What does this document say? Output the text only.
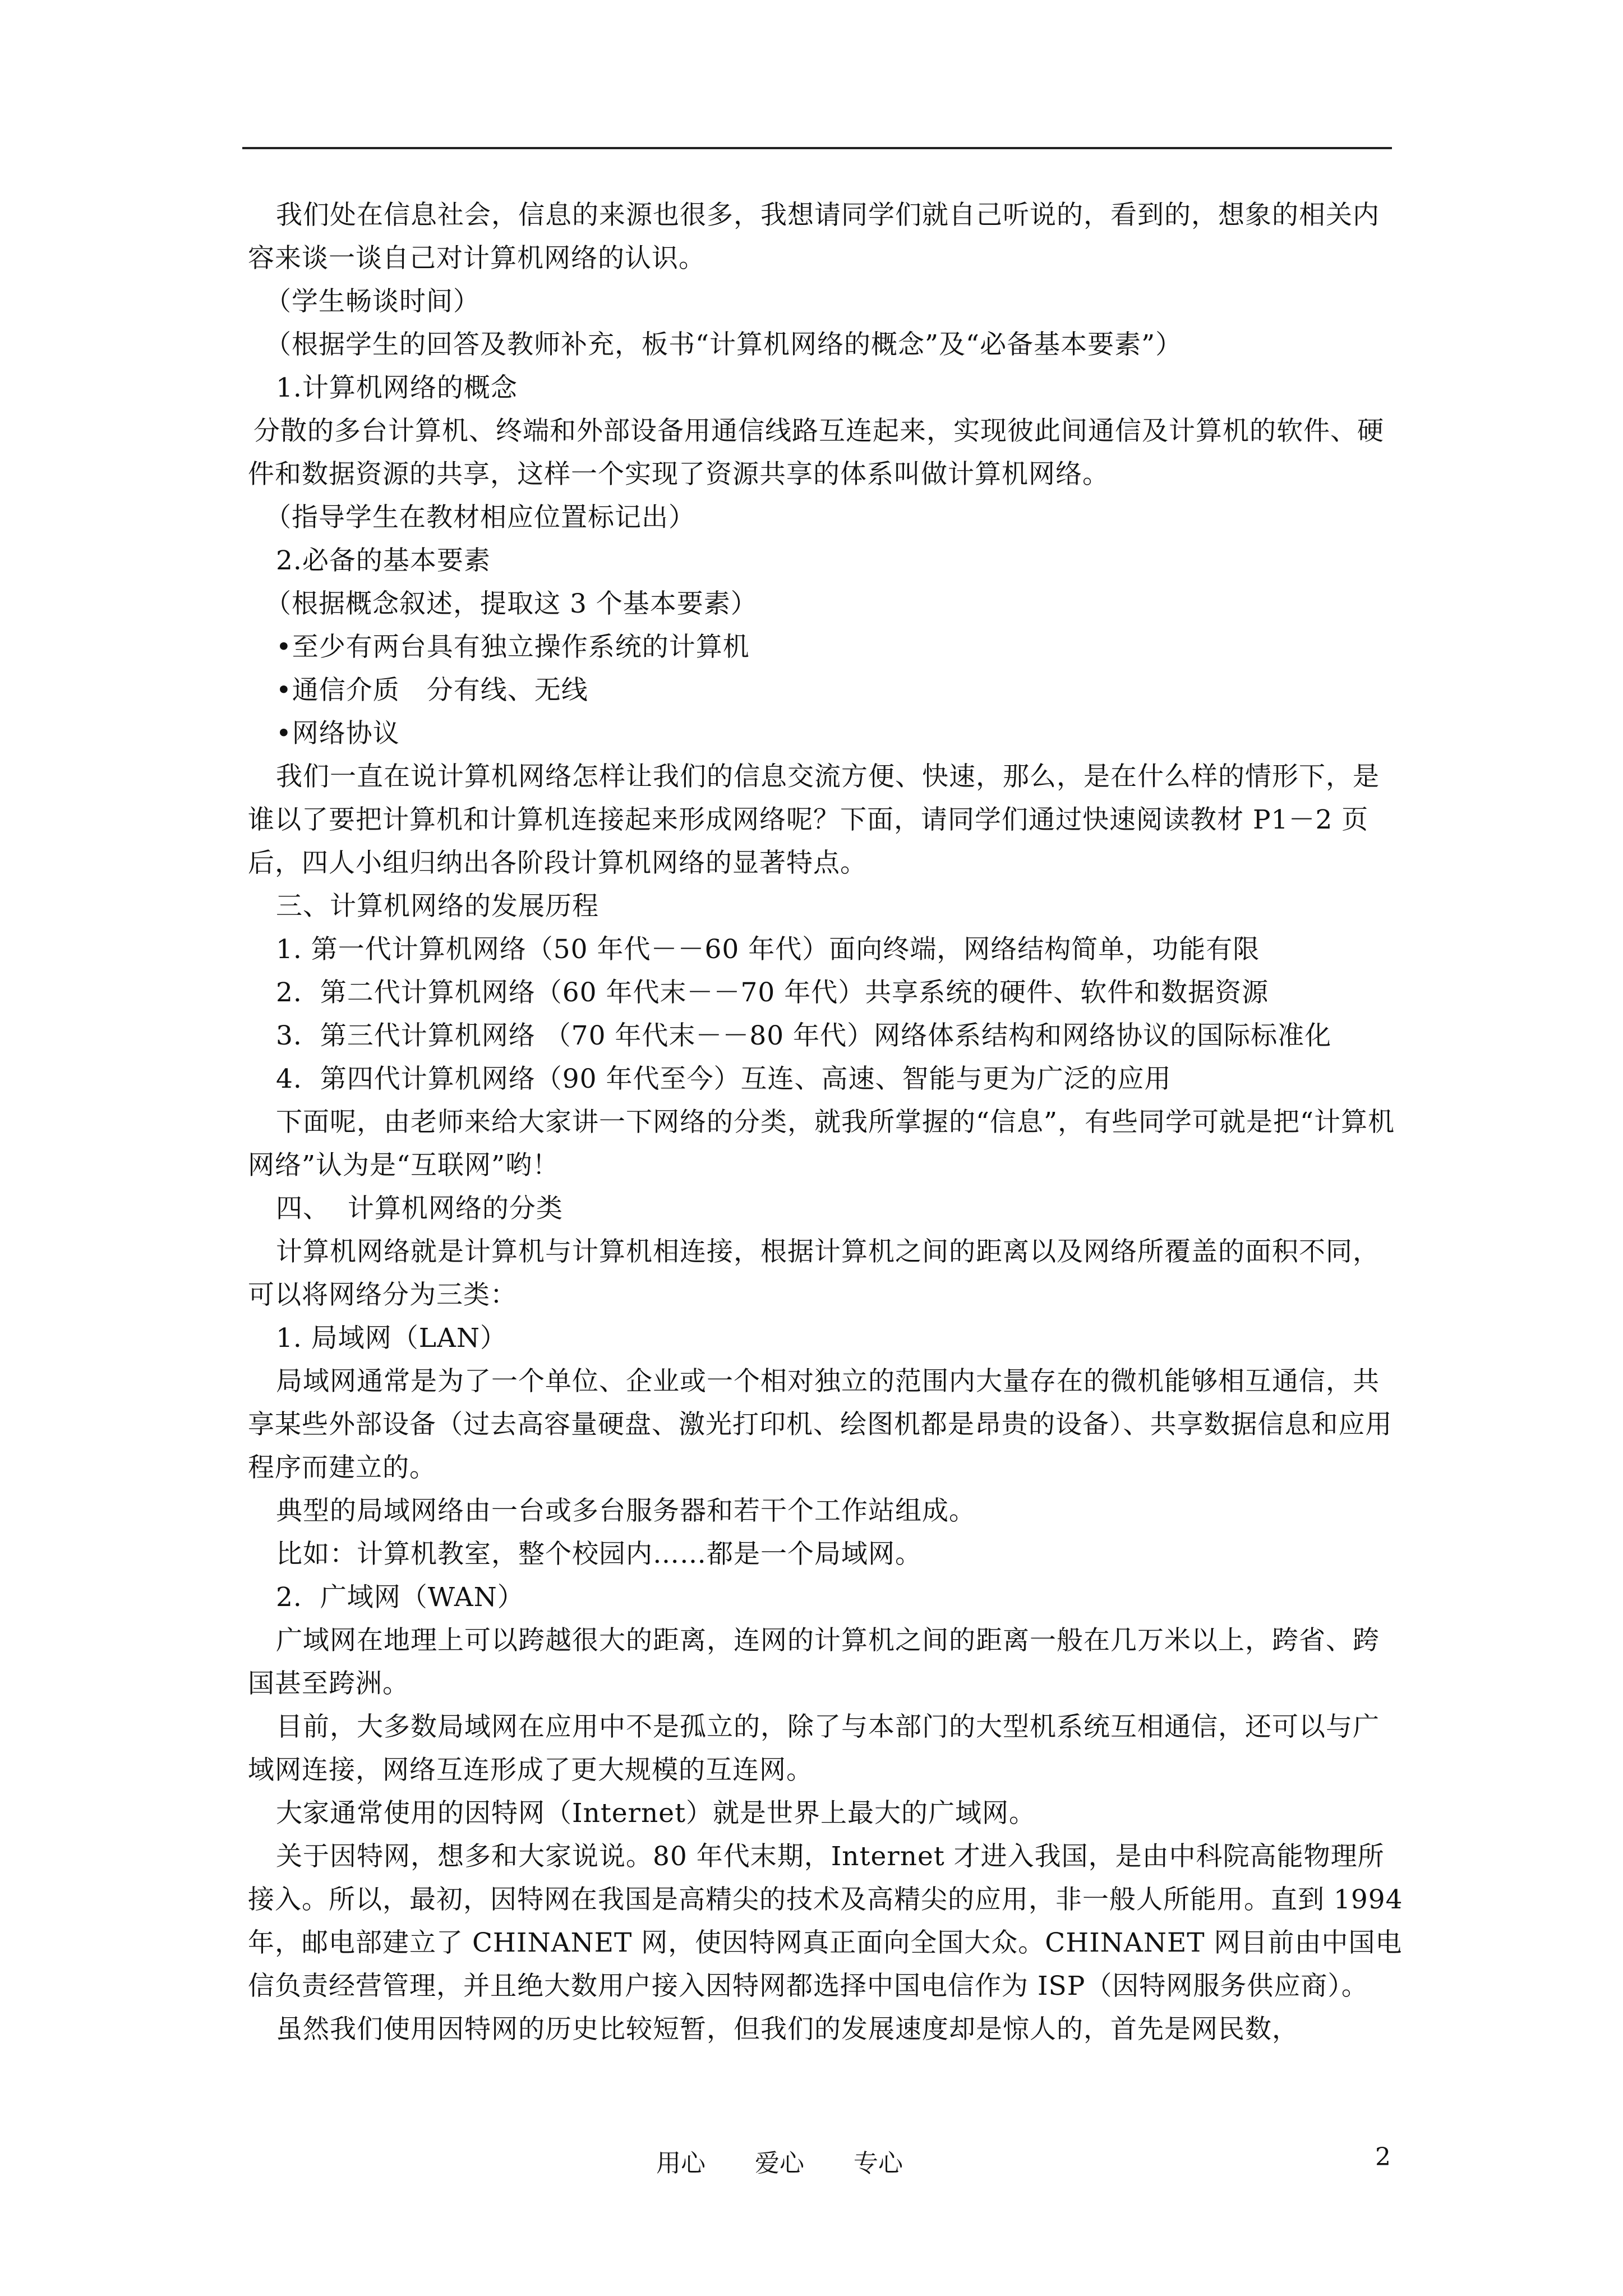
我们处在信息社会，信息的来源也很多，我想请同学们就自己听说的，看到的，想象的相关内容来谈一谈自己对计算机网络的认识。

（学生畅谈时间）

（根据学生的回答及教师补充，板书“计算机网络的概念”及“必备基本要素”）

1.计算机网络的概念

分散的多台计算机、终端和外部设备用通信线路互连起来，实现彼此间通信及计算机的软件、硬件和数据资源的共享，这样一个实现了资源共享的体系叫做计算机网络。

（指导学生在教材相应位置标记出）

2.必备的基本要素

（根据概念叙述，提取这 3 个基本要素）

•至少有两台具有独立操作系统的计算机

•通信介质　分有线、无线

•网络协议

我们一直在说计算机网络怎样让我们的信息交流方便、快速，那么，是在什么样的情形下，是谁以了要把计算机和计算机连接起来形成网络呢？下面，请同学们通过快速阅读教材 P1－2 页后，四人小组归纳出各阶段计算机网络的显著特点。

三、计算机网络的发展历程

1. 第一代计算机网络（50 年代－－60 年代）面向终端，网络结构简单，功能有限

2.  第二代计算机网络（60 年代末－－70 年代）共享系统的硬件、软件和数据资源

3.  第三代计算机网络 （70 年代末－－80 年代）网络体系结构和网络协议的国际标准化

4.  第四代计算机网络（90 年代至今）互连、高速、智能与更为广泛的应用

下面呢，由老师来给大家讲一下网络的分类，就我所掌握的“信息”，有些同学可就是把“计算机网络”认为是“互联网”哟！

四、  计算机网络的分类

计算机网络就是计算机与计算机相连接，根据计算机之间的距离以及网络所覆盖的面积不同，可以将网络分为三类：

1. 局域网（LAN）

局域网通常是为了一个单位、企业或一个相对独立的范围内大量存在的微机能够相互通信，共享某些外部设备（过去高容量硬盘、激光打印机、绘图机都是昂贵的设备）、共享数据信息和应用程序而建立的。

典型的局域网络由一台或多台服务器和若干个工作站组成。

比如：计算机教室，整个校园内……都是一个局域网。

2.  广域网（WAN）

广域网在地理上可以跨越很大的距离，连网的计算机之间的距离一般在几万米以上，跨省、跨国甚至跨洲。

目前，大多数局域网在应用中不是孤立的，除了与本部门的大型机系统互相通信，还可以与广域网连接，网络互连形成了更大规模的互连网。

大家通常使用的因特网（Internet）就是世界上最大的广域网。

关于因特网，想多和大家说说。80 年代末期，Internet 才进入我国，是由中科院高能物理所接入。所以，最初，因特网在我国是高精尖的技术及高精尖的应用，非一般人所能用。直到 1994 年，邮电部建立了 CHINANET 网，使因特网真正面向全国大众。CHINANET 网目前由中国电信负责经营管理，并且绝大数用户接入因特网都选择中国电信作为 ISP（因特网服务供应商）。

虽然我们使用因特网的历史比较短暂，但我们的发展速度却是惊人的，首先是网民数，

用心　　爱心　　专心	2
